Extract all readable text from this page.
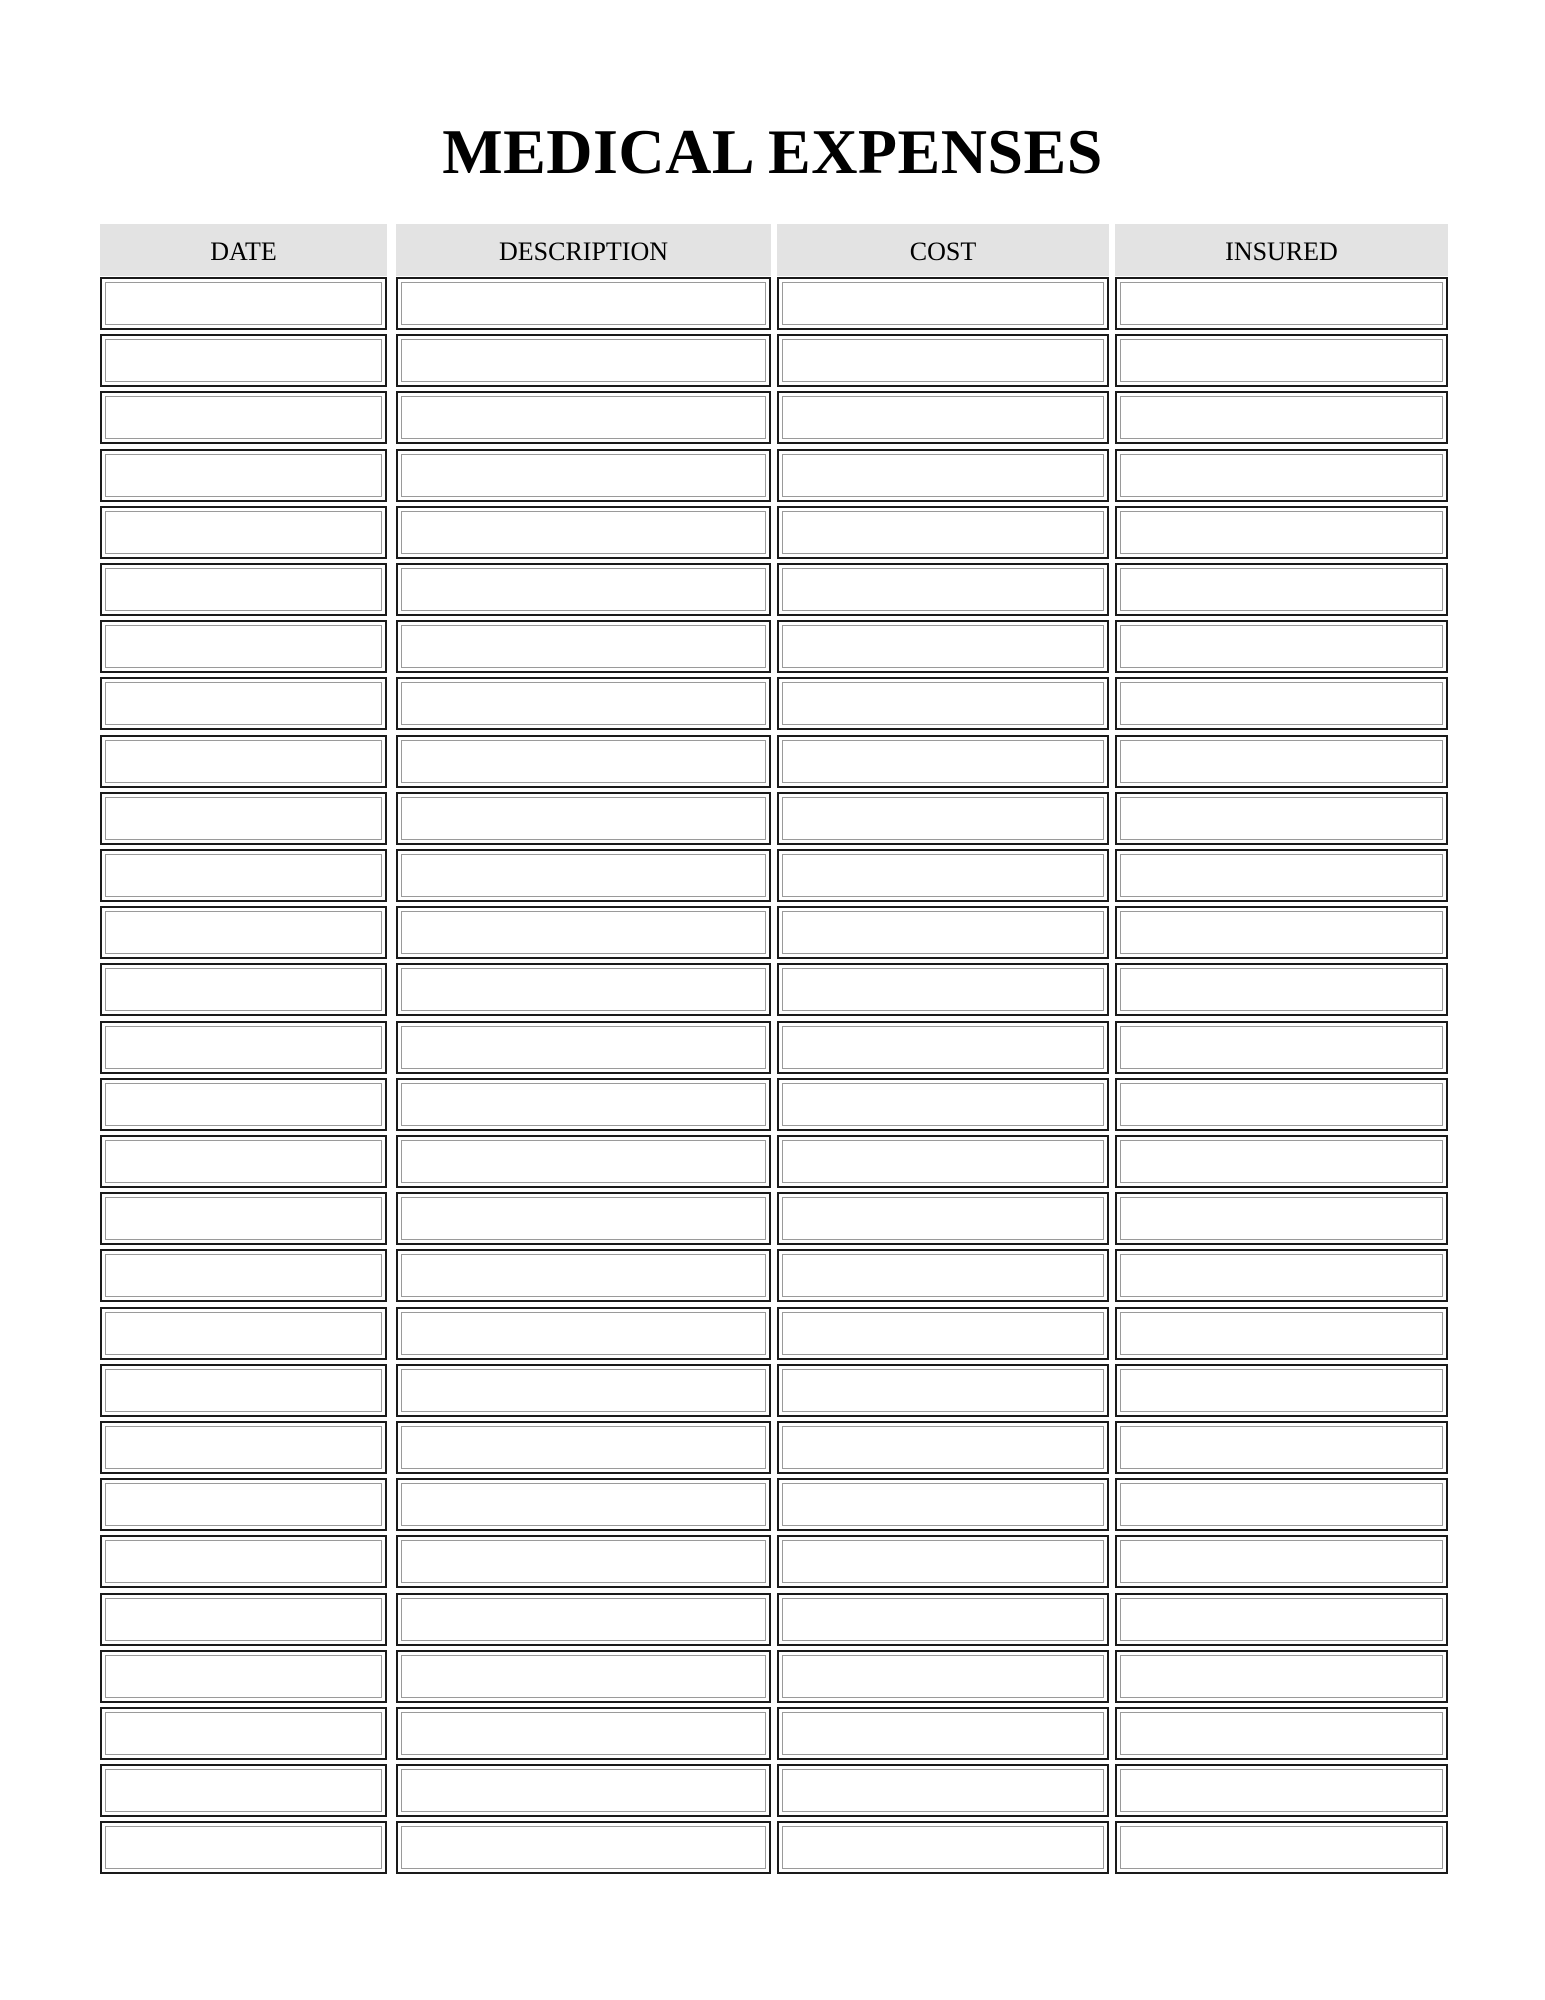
MEDICAL EXPENSES
DATE	DESCRIPTION	COST	INSURED
